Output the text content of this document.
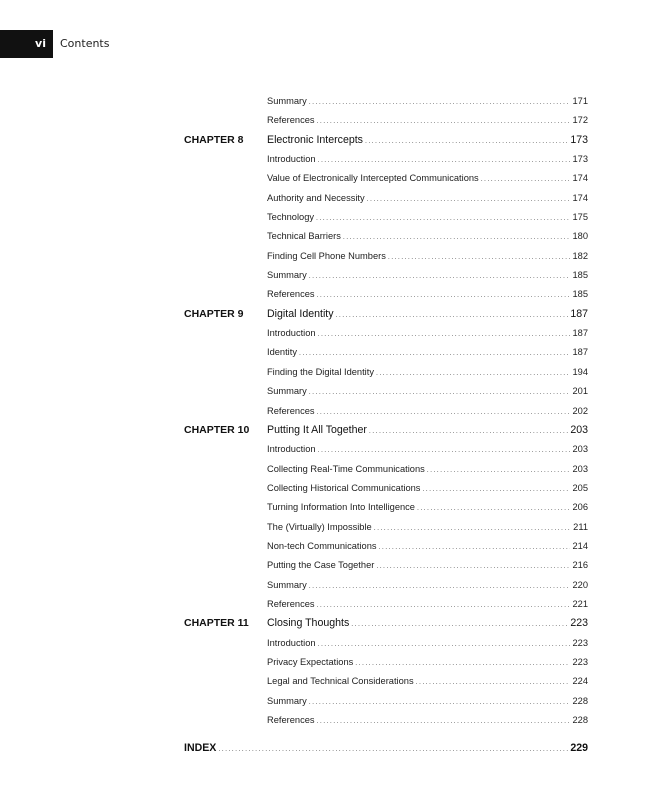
vi	Contents
Summary .....	171
References .....	172
CHAPTER 8 Electronic Intercepts .....	173
Introduction .....	173
Value of Electronically Intercepted Communications .....	174
Authority and Necessity .....	174
Technology .....	175
Technical Barriers .....	180
Finding Cell Phone Numbers .....	182
Summary .....	185
References .....	185
CHAPTER 9 Digital Identity .....	187
Introduction .....	187
Identity .....	187
Finding the Digital Identity .....	194
Summary .....	201
References .....	202
CHAPTER 10 Putting It All Together .....	203
Introduction .....	203
Collecting Real-Time Communications .....	203
Collecting Historical Communications .....	205
Turning Information Into Intelligence .....	206
The (Virtually) Impossible .....	211
Non-tech Communications .....	214
Putting the Case Together .....	216
Summary .....	220
References .....	221
CHAPTER 11 Closing Thoughts .....	223
Introduction .....	223
Privacy Expectations .....	223
Legal and Technical Considerations .....	224
Summary .....	228
References .....	228
INDEX .....	229
